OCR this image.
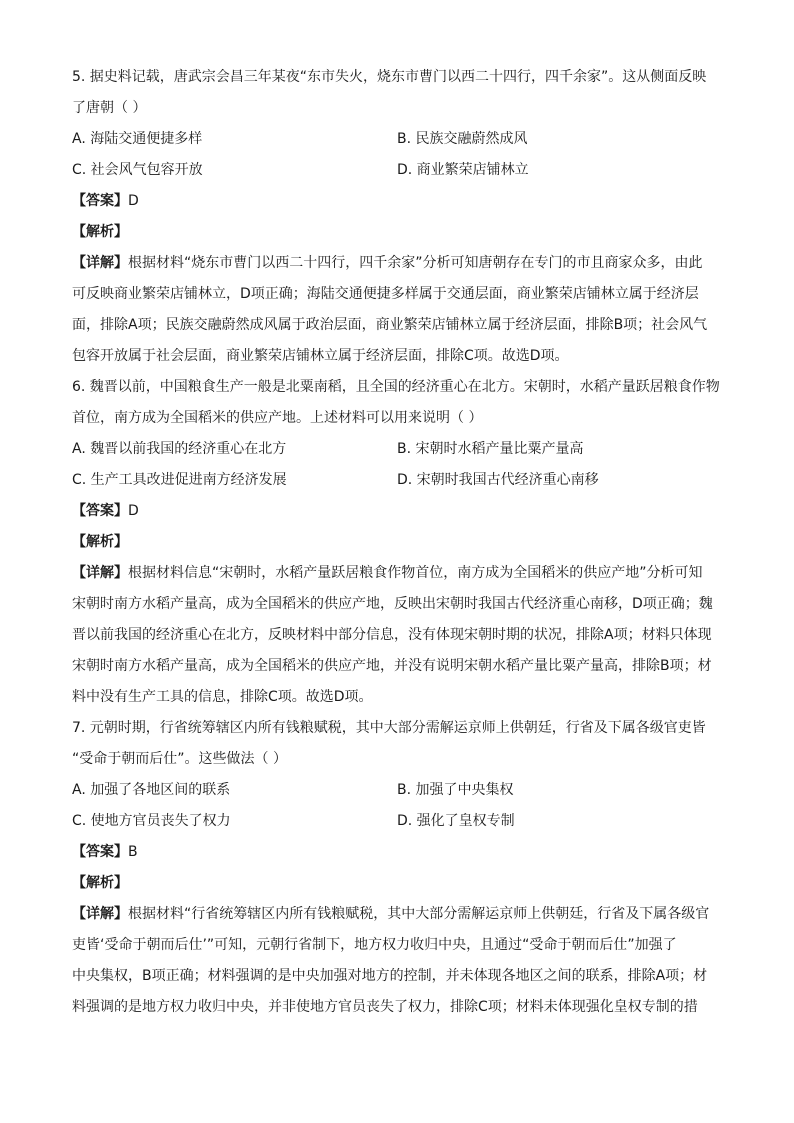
5. 据史料记载，唐武宗会昌三年某夜“东市失火，烧东市曹门以西二十四行，四千余家”。这从侧面反映
了唐朝（ ）
A. 海陆交通便捷多样	B. 民族交融蔚然成风
C. 社会风气包容开放	D. 商业繁荣店铺林立
【答案】D
【解析】
【详解】根据材料“烧东市曹门以西二十四行，四千余家”分析可知唐朝存在专门的市且商家众多，由此
可反映商业繁荣店铺林立，D项正确；海陆交通便捷多样属于交通层面，商业繁荣店铺林立属于经济层
面，排除A项；民族交融蔚然成风属于政治层面，商业繁荣店铺林立属于经济层面，排除B项；社会风气
包容开放属于社会层面，商业繁荣店铺林立属于经济层面，排除C项。故选D项。
6. 魏晋以前，中国粮食生产一般是北粟南稻，且全国的经济重心在北方。宋朝时，水稻产量跃居粮食作物
首位，南方成为全国稻米的供应产地。上述材料可以用来说明（ ）
A. 魏晋以前我国的经济重心在北方	B. 宋朝时水稻产量比粟产量高
C. 生产工具改进促进南方经济发展	D. 宋朝时我国古代经济重心南移
【答案】D
【解析】
【详解】根据材料信息“宋朝时，水稻产量跃居粮食作物首位，南方成为全国稻米的供应产地”分析可知
宋朝时南方水稻产量高，成为全国稻米的供应产地，反映出宋朝时我国古代经济重心南移，D项正确；魏
晋以前我国的经济重心在北方，反映材料中部分信息，没有体现宋朝时期的状况，排除A项；材料只体现
宋朝时南方水稻产量高，成为全国稻米的供应产地，并没有说明宋朝水稻产量比粟产量高，排除B项；材
料中没有生产工具的信息，排除C项。故选D项。
7. 元朝时期，行省统筹辖区内所有钱粮赋税，其中大部分需解运京师上供朝廷，行省及下属各级官吏皆
“受命于朝而后仕”。这些做法（ ）
A. 加强了各地区间的联系	B. 加强了中央集权
C. 使地方官员丧失了权力	D. 强化了皇权专制
【答案】B
【解析】
【详解】根据材料“行省统筹辖区内所有钱粮赋税，其中大部分需解运京师上供朝廷，行省及下属各级官
吏皆‘受命于朝而后仕’”可知，元朝行省制下，地方权力收归中央，且通过“受命于朝而后仕”加强了
中央集权，B项正确；材料强调的是中央加强对地方的控制，并未体现各地区之间的联系，排除A项；材
料强调的是地方权力收归中央，并非使地方官员丧失了权力，排除C项；材料未体现强化皇权专制的措
